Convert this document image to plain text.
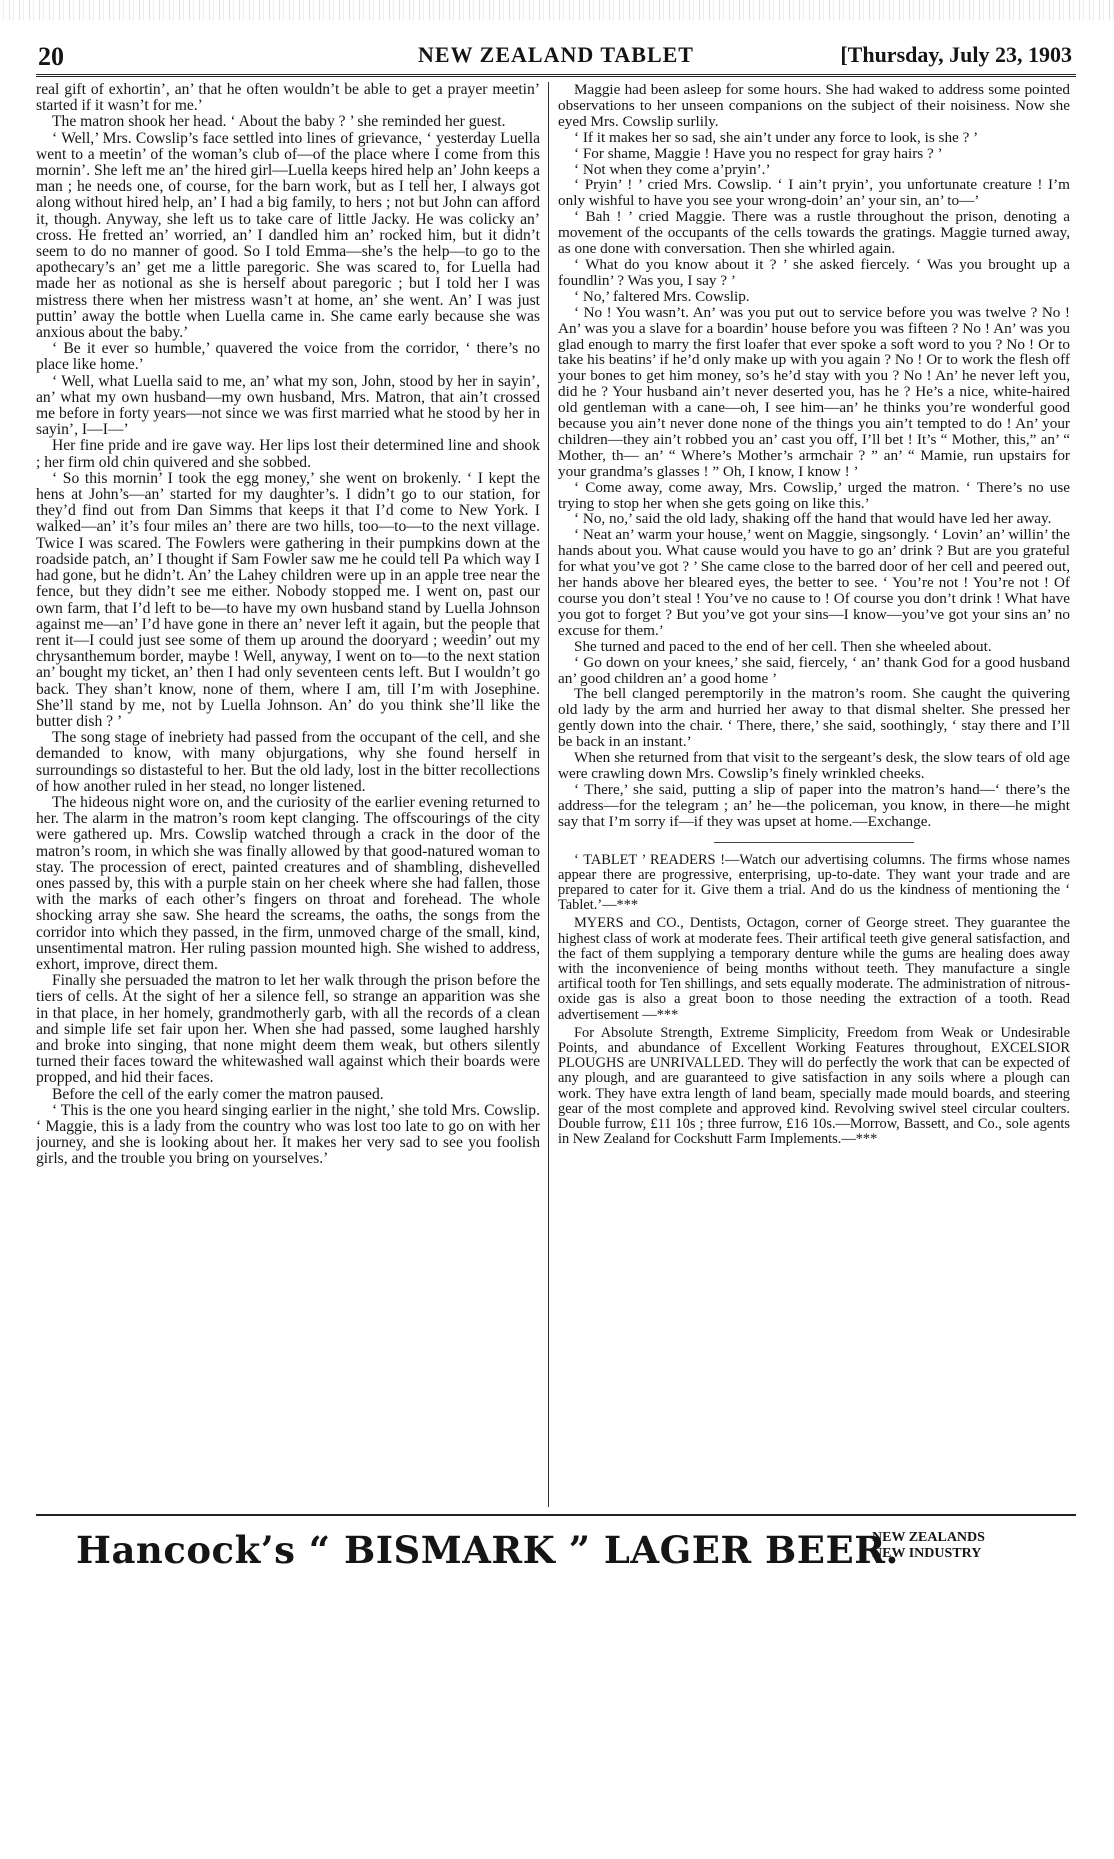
20	NEW ZEALAND TABLET	[Thursday, July 23, 1903

real gift of exhortin’, an’ that he often wouldn’t be able to get a prayer meetin’ started if it wasn’t for me.’

The matron shook her head. ‘ About the baby ? ’ she reminded her guest.

‘ Well,’ Mrs. Cowslip’s face settled into lines of grievance, ‘ yesterday Luella went to a meetin’ of the woman’s club of—of the place where I come from this mornin’. She left me an’ the hired girl—Luella keeps hired help an’ John keeps a man ; he needs one, of course, for the barn work, but as I tell her, I always got along without hired help, an’ I had a big family, to hers ; not but John can afford it, though. Anyway, she left us to take care of little Jacky. He was colicky an’ cross. He fretted an’ worried, an’ I dandled him an’ rocked him, but it didn’t seem to do no manner of good. So I told Emma—she’s the help—to go to the apothecary’s an’ get me a little paregoric. She was scared to, for Luella had made her as notional as she is herself about paregoric ; but I told her I was mistress there when her mistress wasn’t at home, an’ she went. An’ I was just puttin’ away the bottle when Luella came in. She came early because she was anxious about the baby.’

‘ Be it ever so humble,’ quavered the voice from the corridor, ‘ there’s no place like home.’

‘ Well, what Luella said to me, an’ what my son, John, stood by her in sayin’, an’ what my own husband—my own husband, Mrs. Matron, that ain’t crossed me before in forty years—not since we was first married what he stood by her in sayin’, I—I—’

Her fine pride and ire gave way. Her lips lost their determined line and shook ; her firm old chin quivered and she sobbed.

‘ So this mornin’ I took the egg money,’ she went on brokenly. ‘ I kept the hens at John’s—an’ started for my daughter’s. I didn’t go to our station, for they’d find out from Dan Simms that keeps it that I’d come to New York. I walked—an’ it’s four miles an’ there are two hills, too—to—to the next village. Twice I was scared. The Fowlers were gathering in their pumpkins down at the roadside patch, an’ I thought if Sam Fowler saw me he could tell Pa which way I had gone, but he didn’t. An’ the Lahey children were up in an apple tree near the fence, but they didn’t see me either. Nobody stopped me. I went on, past our own farm, that I’d left to be—to have my own husband stand by Luella Johnson against me—an’ I’d have gone in there an’ never left it again, but the people that rent it—I could just see some of them up around the dooryard ; weedin’ out my chrysanthemum border, maybe ! Well, anyway, I went on to—to the next station an’ bought my ticket, an’ then I had only seventeen cents left. But I wouldn’t go back. They shan’t know, none of them, where I am, till I’m with Josephine. She’ll stand by me, not by Luella Johnson. An’ do you think she’ll like the butter dish ? ’

The song stage of inebriety had passed from the occupant of the cell, and she demanded to know, with many objurgations, why she found herself in surroundings so distasteful to her. But the old lady, lost in the bitter recollections of how another ruled in her stead, no longer listened.

The hideous night wore on, and the curiosity of the earlier evening returned to her. The alarm in the matron’s room kept clanging. The offscourings of the city were gathered up. Mrs. Cowslip watched through a crack in the door of the matron’s room, in which she was finally allowed by that good-natured woman to stay. The procession of erect, painted creatures and of shambling, dishevelled ones passed by, this with a purple stain on her cheek where she had fallen, those with the marks of each other’s fingers on throat and forehead. The whole shocking array she saw. She heard the screams, the oaths, the songs from the corridor into which they passed, in the firm, unmoved charge of the small, kind, unsentimental matron. Her ruling passion mounted high. She wished to address, exhort, improve, direct them.

Finally she persuaded the matron to let her walk through the prison before the tiers of cells. At the sight of her a silence fell, so strange an apparition was she in that place, in her homely, grandmotherly garb, with all the records of a clean and simple life set fair upon her. When she had passed, some laughed harshly and broke into singing, that none might deem them weak, but others silently turned their faces toward the whitewashed wall against which their boards were propped, and hid their faces.

Before the cell of the early comer the matron paused.

‘ This is the one you heard singing earlier in the night,’ she told Mrs. Cowslip. ‘ Maggie, this is a lady from the country who was lost too late to go on with her journey, and she is looking about her. It makes her very sad to see you foolish girls, and the trouble you bring on yourselves.’

Maggie had been asleep for some hours. She had waked to address some pointed observations to her unseen companions on the subject of their noisiness. Now she eyed Mrs. Cowslip surlily.

‘ If it makes her so sad, she ain’t under any force to look, is she ? ’

‘ For shame, Maggie ! Have you no respect for gray hairs ? ’

‘ Not when they come a’pryin’.’

‘ Pryin’ ! ’ cried Mrs. Cowslip. ‘ I ain’t pryin’, you unfortunate creature ! I’m only wishful to have you see your wrong-doin’ an’ your sin, an’ to—’

‘ Bah ! ’ cried Maggie. There was a rustle throughout the prison, denoting a movement of the occupants of the cells towards the gratings. Maggie turned away, as one done with conversation. Then she whirled again.

‘ What do you know about it ? ’ she asked fiercely. ‘ Was you brought up a foundlin’ ? Was you, I say ? ’

‘ No,’ faltered Mrs. Cowslip.

‘ No ! You wasn’t. An’ was you put out to service before you was twelve ? No ! An’ was you a slave for a boardin’ house before you was fifteen ? No ! An’ was you glad enough to marry the first loafer that ever spoke a soft word to you ? No ! Or to take his beatins’ if he’d only make up with you again ? No ! Or to work the flesh off your bones to get him money, so’s he’d stay with you ? No ! An’ he never left you, did he ? Your husband ain’t never deserted you, has he ? He’s a nice, white-haired old gentleman with a cane—oh, I see him—an’ he thinks you’re wonderful good because you ain’t never done none of the things you ain’t tempted to do ! An’ your children—they ain’t robbed you an’ cast you off, I’ll bet ! It’s “ Mother, this,” an’ “ Mother, th— an’ “ Where’s Mother’s armchair ? ” an’ “ Mamie, run upstairs for your grandma’s glasses ! ” Oh, I know, I know ! ’

‘ Come away, come away, Mrs. Cowslip,’ urged the matron. ‘ There’s no use trying to stop her when she gets going on like this.’

‘ No, no,’ said the old lady, shaking off the hand that would have led her away.

‘ Neat an’ warm your house,’ went on Maggie, singsongly. ‘ Lovin’ an’ willin’ the hands about you. What cause would you have to go an’ drink ? But are you grateful for what you’ve got ? ’ She came close to the barred door of her cell and peered out, her hands above her bleared eyes, the better to see. ‘ You’re not ! You’re not ! Of course you don’t steal ! You’ve no cause to ! Of course you don’t drink ! What have you got to forget ? But you’ve got your sins—I know—you’ve got your sins an’ no excuse for them.’

She turned and paced to the end of her cell. Then she wheeled about.

‘ Go down on your knees,’ she said, fiercely, ‘ an’ thank God for a good husband an’ good children an’ a good home ’

The bell clanged peremptorily in the matron’s room. She caught the quivering old lady by the arm and hurried her away to that dismal shelter. She pressed her gently down into the chair. ‘ There, there,’ she said, soothingly, ‘ stay there and I’ll be back in an instant.’

When she returned from that visit to the sergeant’s desk, the slow tears of old age were crawling down Mrs. Cowslip’s finely wrinkled cheeks.

‘ There,’ she said, putting a slip of paper into the matron’s hand—‘ there’s the address—for the telegram ; an’ he—the policeman, you know, in there—he might say that I’m sorry if—if they was upset at home.—Exchange.

‘ TABLET ’ READERS !—Watch our advertising columns. The firms whose names appear there are progressive, enterprising, up-to-date. They want your trade and are prepared to cater for it. Give them a trial. And do us the kindness of mentioning the ‘ Tablet.’—***

MYERS and CO., Dentists, Octagon, corner of George street. They guarantee the highest class of work at moderate fees. Their artifical teeth give general satisfaction, and the fact of them supplying a temporary denture while the gums are healing does away with the inconvenience of being months without teeth. They manufacture a single artifical tooth for Ten shillings, and sets equally moderate. The administration of nitrous-oxide gas is also a great boon to those needing the extraction of a tooth. Read advertisement —***

For Absolute Strength, Extreme Simplicity, Freedom from Weak or Undesirable Points, and abundance of Excellent Working Features throughout, EXCELSIOR PLOUGHS are UNRIVALLED. They will do perfectly the work that can be expected of any plough, and are guaranteed to give satisfaction in any soils where a plough can work. They have extra length of land beam, specially made mould boards, and steering gear of the most complete and approved kind. Revolving swivel steel circular coulters. Double furrow, £11 10s ; three furrow, £16 10s.—Morrow, Bassett, and Co., sole agents in New Zealand for Cockshutt Farm Implements.—***

Hancock’s “ BISMARK ” LAGER BEER.
NEW ZEALANDS
NEW INDUSTRY
